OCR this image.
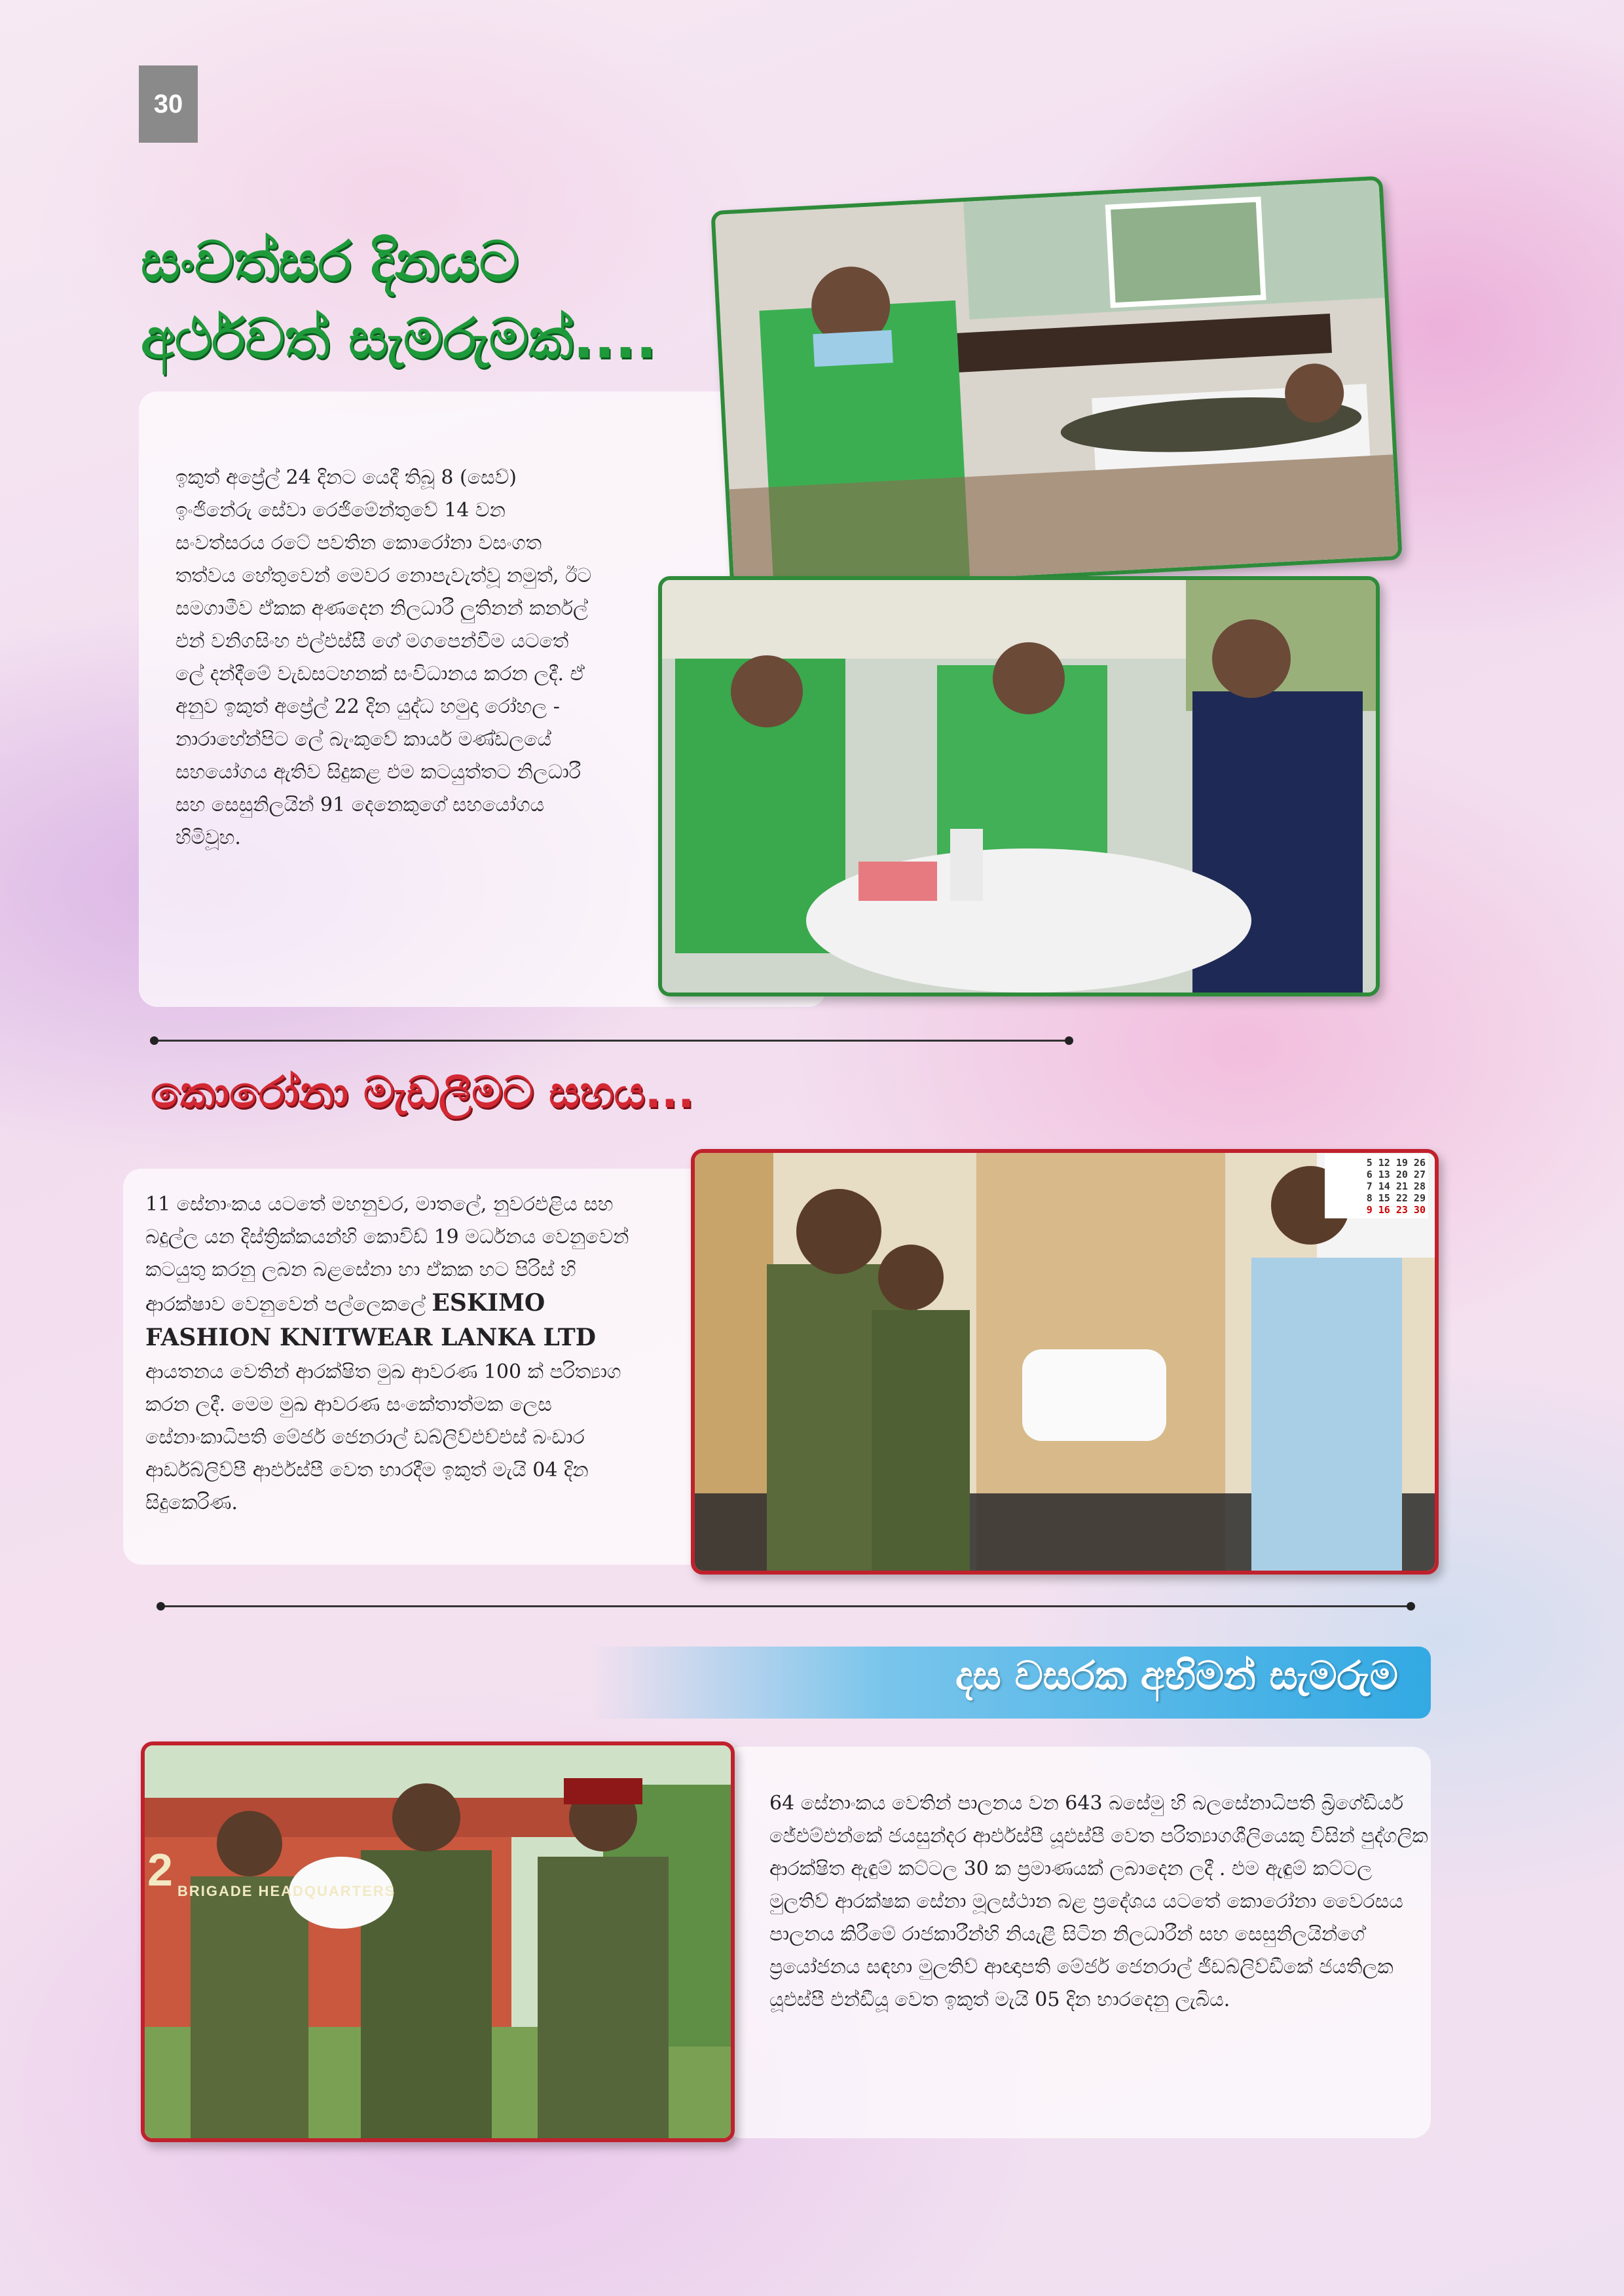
30
සංවත්සර දිනයට
අර්ථවත් සැමරුමක්....
ඉකුත් අප්‍රේල් 24 දිනට යෙදී තිබූ 8 (සෙව්) ඉංජිනේරු සේවා රෙජිමේන්තුවේ 14 වන සංවත්සරය රටේ පවතින කොරෝනා වසංගත තත්වය හේතුවෙන් මෙවර නොපැවැත්වූ නමුත්, ඊට සමගාමීව ඒකක අණදෙන නිලධාරී ලුතිනන් කර්නල් එන් වනිගසිංහ එල්එස්සී ගේ මගපෙන්වීම යටතේ ලේ දන්දීමේ වැඩසටහනක් සංවිධානය කරන ලදී. ඒ අනුව ඉකුත් අප්‍රේල් 22 දින යුද්ධ හමුදා රෝහල - නාරාහේන්පිට ලේ බැංකුවේ කාර්ය මණ්ඩලයේ සහයෝගය ඇතිව සිදුකළ එම කටයුත්තට නිලධාරී සහ සෙසුනිලයින් 91 දෙනෙකුගේ සහයෝගය හිමිවූහ.
කොරෝනා මැඩලීමට සහය...
11 සේනාංකය යටතේ මහනුවර, මාතලේ, නුවරඑළිය සහ බදුල්ල යන දිස්ත්‍රික්කයන්හි කොවිඩ් 19 මර්ධනය වෙනුවෙන් කටයුතු කරනු ලබන බළසේනා හා ඒකක හට පිරිස් හි ආරක්ෂාව වෙනුවෙන් පල්ලෙකලේ ESKIMO FASHION KNITWEAR LANKA LTD ආයතනය වෙතින් ආරක්ෂිත මුඛ ආවරණ 100 ක් පරිත්‍යාග කරන ලදී. මෙම මුඛ ආවරණ සංකේතාත්මක ලෙස සේනාංකාධිපති මේජර් ජෙනරාල් ඩබ්ලිව්එච්එස් බංඩාර ආර්ඩබ්ලිව්පී ආර්එස්පී වෙත භාරදීම ඉකුත් මැයි 04 දින සිදුකෙරිණ.
5 12 19 26
6 13 20 27
7 14 21 28
8 15 22 29
9 16 23 30
දස වසරක අභිමන් සැමරුම
64 සේනාංකය වෙතින් පාලනය වන 643 බසේමු හි බලසේනාධිපති බ්‍රිගේඩියර් ජේඑම්එන්කේ ජයසුන්දර ආර්එස්පී යූඑස්පී වෙත පරිත්‍යාගශීලියෙකු විසින් පුද්ගලික ආරක්ෂිත ඇඳුම් කට්ටල 30 ක ප්‍රමාණයක් ලබාදෙන ලදී . එම ඇඳුම් කට්ටල මුලතිව් ආරක්ෂක සේනා මූලස්ථාන බළ ප්‍රදේශය යටතේ කොරෝනා වෛරසය පාලනය කිරීමේ රාජකාරීන්හි නියැළී සිටින නිලධාරීන් සහ සෙසුනිලයින්ගේ ප්‍රයෝජනය සඳහා මුලතිව් ආඥාපති මේජර් ජෙනරාල් ජීඩබ්ලිව්ඩීකේ ජයතිලක යූඑස්පී එන්ඩීයූ වෙත ඉකුත් මැයි 05 දින භාරදෙනු ලැබිය.
2 BRIGADE HEADQUARTERS
